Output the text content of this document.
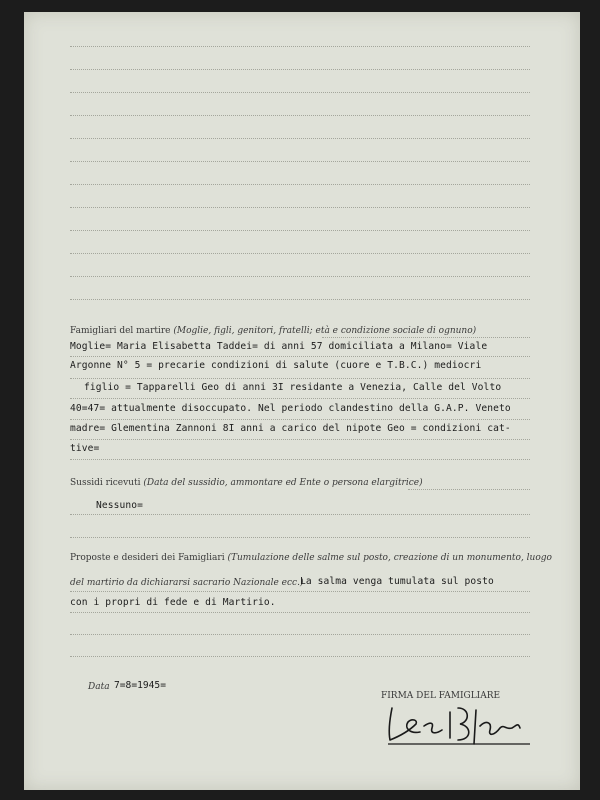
Famigliari del martire (Moglie, figli, genitori, fratelli; età e condizione sociale di ognuno)
Moglie= Maria Elisabetta Taddei= di anni 57 domiciliata a Milano= Viale
Argonne N° 5 = precarie condizioni di salute (cuore e T.B.C.) mediocri
figlio = Tapparelli Geo di anni 3I residante a Venezia, Calle del Volto
40=47= attualmente disoccupato. Nel periodo clandestino della G.A.P. Veneto
madre= Glementina Zannoni 8I anni a carico del nipote Geo = condizioni cat-
tive=
Sussidi ricevuti (Data del sussidio, ammontare ed Ente o persona elargitrice)
Nessuno=
Proposte e desideri dei Famigliari (Tumulazione delle salme sul posto, creazione di un monumento, luogo
del martirio da dichiararsi sacrario Nazionale ecc.)
La salma venga tumulata sul posto
con i propri di fede e di Martirio.
Data 7=8=1945=
FIRMA DEL FAMIGLIARE
